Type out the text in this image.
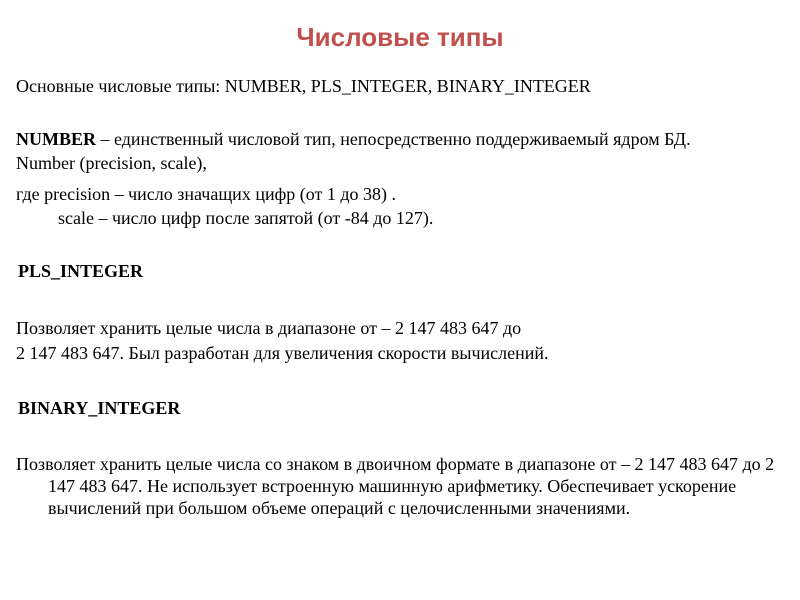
Числовые типы
Основные числовые типы: NUMBER, PLS_INTEGER, BINARY_INTEGER
NUMBER – единственный числовой тип, непосредственно поддерживаемый ядром БД.
Number (precision, scale),
где precision – число значащих цифр (от 1 до 38) .
scale – число цифр после запятой (от -84 до 127).
PLS_INTEGER
Позволяет хранить целые числа в диапазоне от – 2 147 483 647 до
2 147 483 647. Был разработан для увеличения скорости вычислений.
BINARY_INTEGER
Позволяет хранить целые числа со знаком в двоичном формате в диапазоне от – 2 147 483 647 до 2 147 483 647. Не использует встроенную машинную арифметику. Обеспечивает ускорение вычислений при большом объеме операций с целочисленными значениями.
